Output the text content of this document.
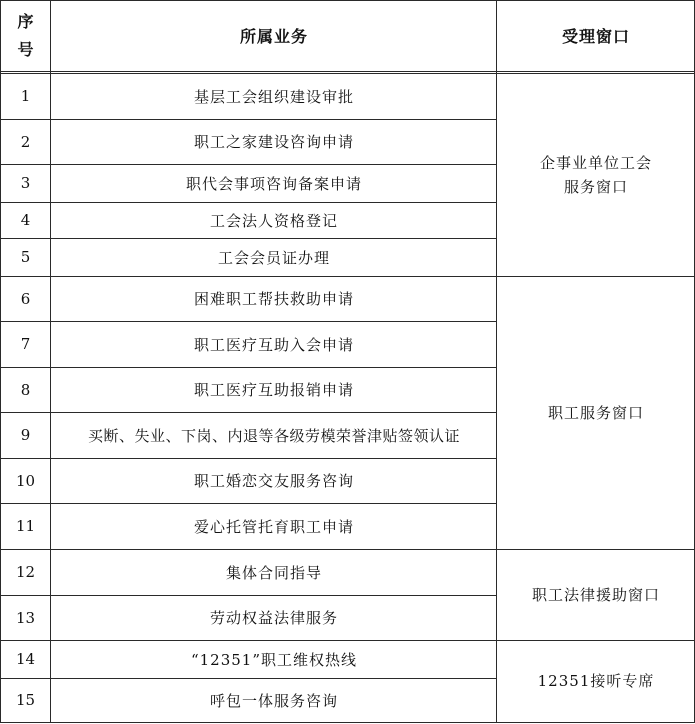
序
号
所属业务	受理窗口
1
2
3
4
5
6
7
8
9
10
11
12
13
14
15
基层工会组织建设审批
职工之家建设咨询申请
职代会事项咨询备案申请
工会法人资格登记
工会会员证办理
困难职工帮扶救助申请
职工医疗互助入会申请
职工医疗互助报销申请
买断、失业、下岗、内退等各级劳模荣誉津贴签领认证
职工婚恋交友服务咨询
爱心托管托育职工申请
集体合同指导
劳动权益法律服务
“12351”职工维权热线
呼包一体服务咨询
企事业单位工会
服务窗口
职工服务窗口
职工法律援助窗口
12351接听专席
